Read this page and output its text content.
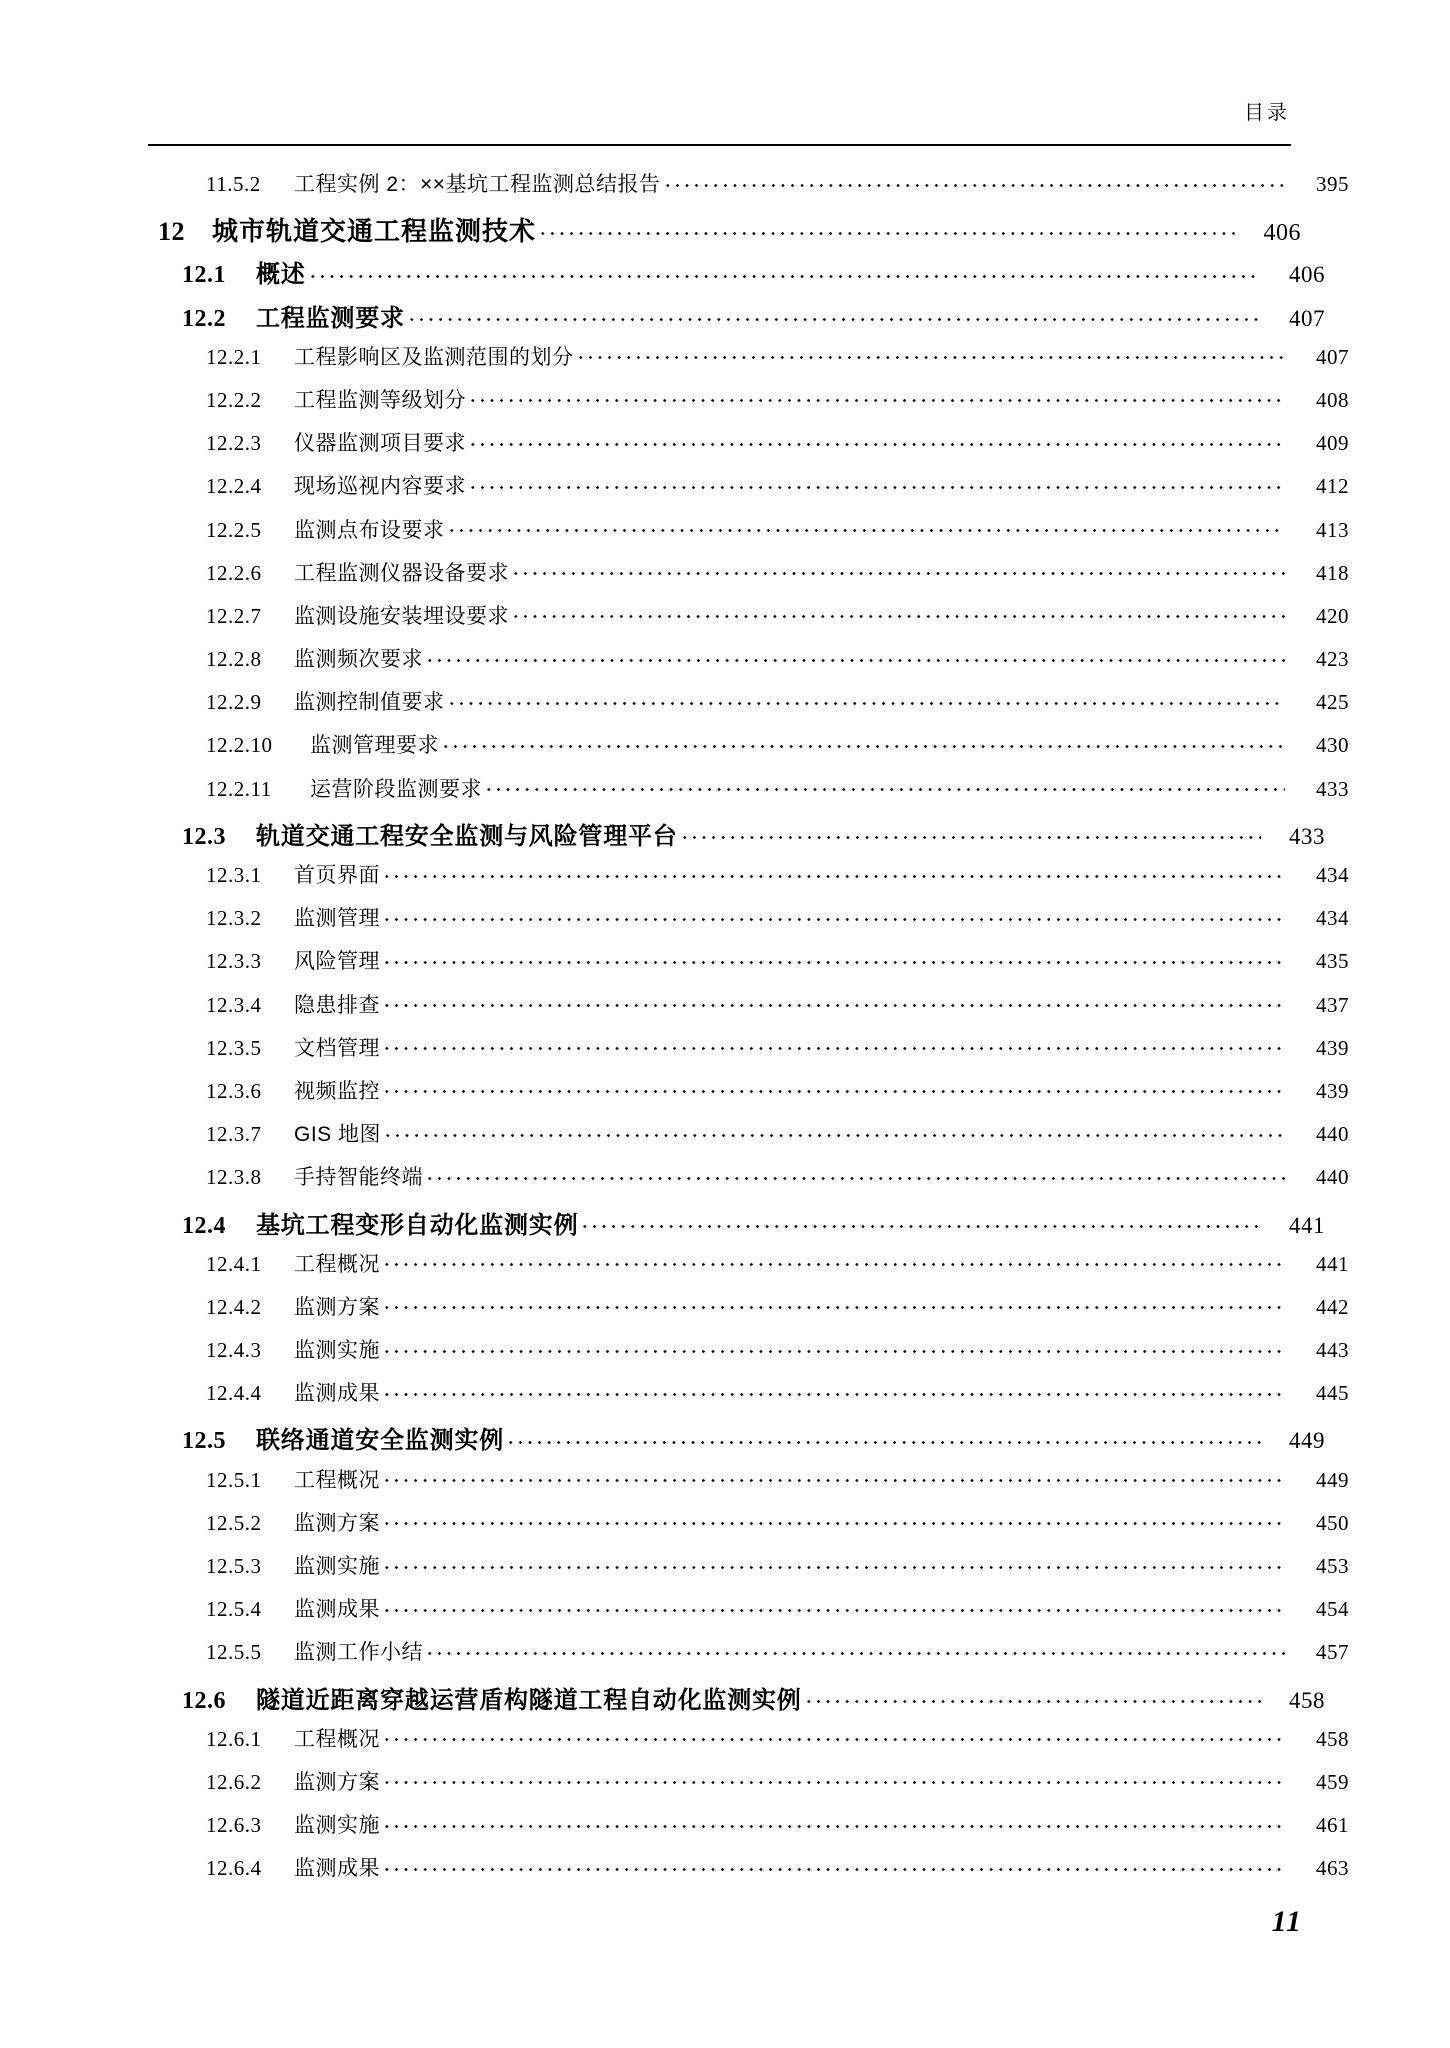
目录
11.5.2	工程实例 2：××基坑工程监测总结报告	395
12	城市轨道交通工程监测技术	406
12.1	概述	406
12.2	工程监测要求	407
12.2.1	工程影响区及监测范围的划分	407
12.2.2	工程监测等级划分	408
12.2.3	仪器监测项目要求	409
12.2.4	现场巡视内容要求	412
12.2.5	监测点布设要求	413
12.2.6	工程监测仪器设备要求	418
12.2.7	监测设施安装埋设要求	420
12.2.8	监测频次要求	423
12.2.9	监测控制值要求	425
12.2.10	监测管理要求	430
12.2.11	运营阶段监测要求	433
12.3	轨道交通工程安全监测与风险管理平台	433
12.3.1	首页界面	434
12.3.2	监测管理	434
12.3.3	风险管理	435
12.3.4	隐患排查	437
12.3.5	文档管理	439
12.3.6	视频监控	439
12.3.7	GIS 地图	440
12.3.8	手持智能终端	440
12.4	基坑工程变形自动化监测实例	441
12.4.1	工程概况	441
12.4.2	监测方案	442
12.4.3	监测实施	443
12.4.4	监测成果	445
12.5	联络通道安全监测实例	449
12.5.1	工程概况	449
12.5.2	监测方案	450
12.5.3	监测实施	453
12.5.4	监测成果	454
12.5.5	监测工作小结	457
12.6	隧道近距离穿越运营盾构隧道工程自动化监测实例	458
12.6.1	工程概况	458
12.6.2	监测方案	459
12.6.3	监测实施	461
12.6.4	监测成果	463
11
